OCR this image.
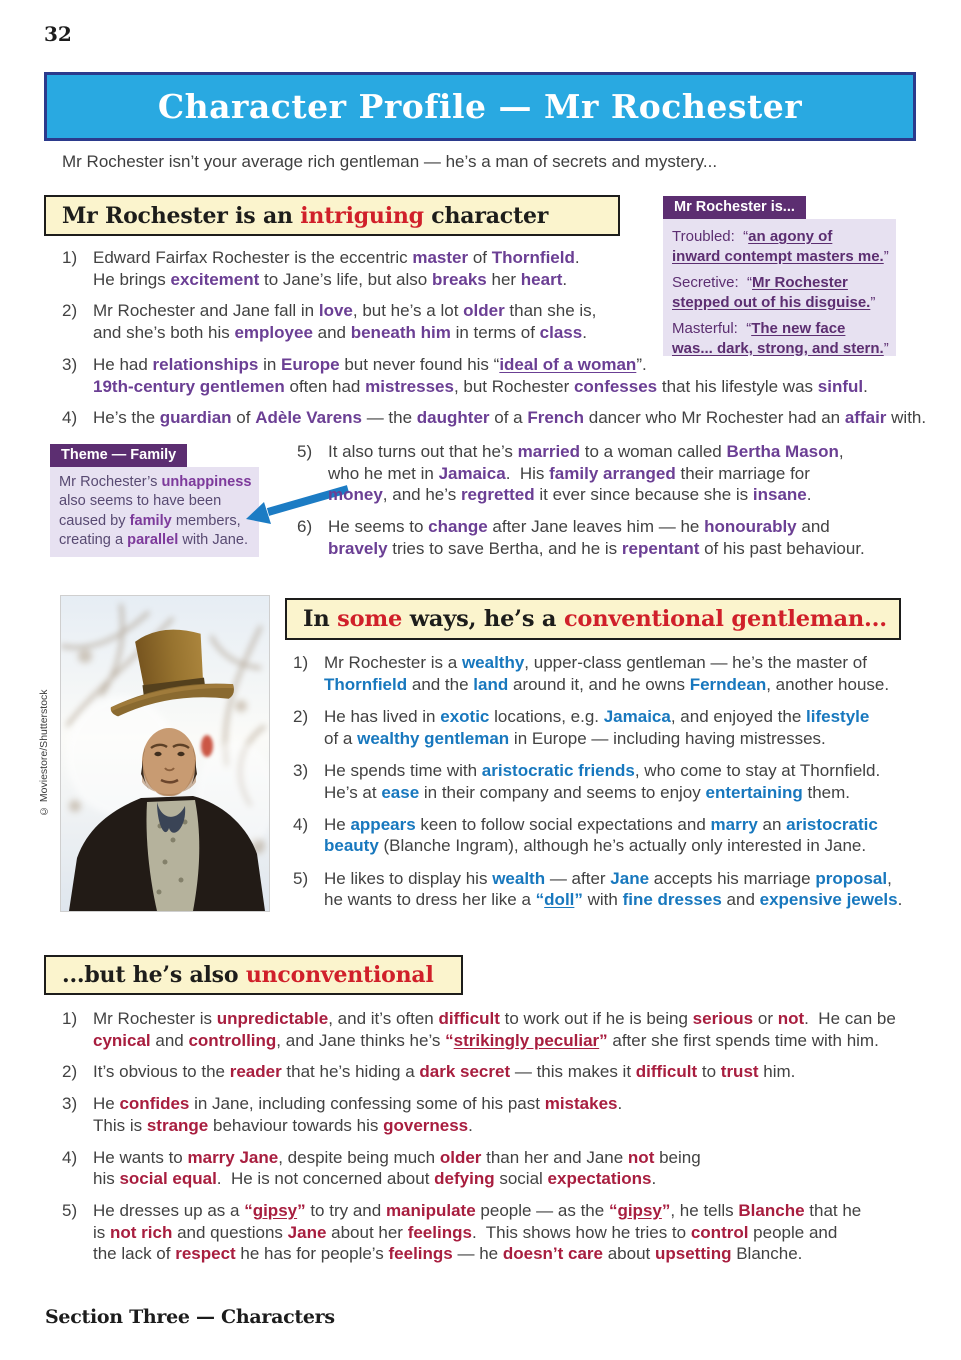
32
Character Profile — Mr Rochester
Mr Rochester isn’t your average rich gentleman — he’s a man of secrets and mystery...
Mr Rochester is an intriguing character	Mr Rochester is...
Troubled:  “an agony of
inward contempt masters me.”
Secretive:  “Mr Rochester
stepped out of his disguise.”
Masterful:  “The new face
was... dark, strong, and stern.”
1) Edward Fairfax Rochester is the eccentric master of Thornfield.
He brings excitement to Jane’s life, but also breaks her heart.
2) Mr Rochester and Jane fall in love, but he’s a lot older than she is,
and she’s both his employee and beneath him in terms of class.
3) He had relationships in Europe but never found his “ideal of a woman”.
19th-century gentlemen often had mistresses, but Rochester confesses that his lifestyle was sinful.
4) He’s the guardian of Adèle Varens — the daughter of a French dancer who Mr Rochester had an affair with.
Theme — Family
Mr Rochester’s unhappiness
also seems to have been
caused by family members,
creating a parallel with Jane.
5) It also turns out that he’s married to a woman called Bertha Mason,
who he met in Jamaica.  His family arranged their marriage for
money, and he’s regretted it ever since because she is insane.
6) He seems to change after Jane leaves him — he honourably and
bravely tries to save Bertha, and he is repentant of his past behaviour.
© Moviestore/Shutterstock
In some ways, he’s a conventional gentleman...
1) Mr Rochester is a wealthy, upper-class gentleman — he’s the master of
Thornfield and the land around it, and he owns Ferndean, another house.
2) He has lived in exotic locations, e.g. Jamaica, and enjoyed the lifestyle
of a wealthy gentleman in Europe — including having mistresses.
3) He spends time with aristocratic friends, who come to stay at Thornfield.
He’s at ease in their company and seems to enjoy entertaining them.
4) He appears keen to follow social expectations and marry an aristocratic
beauty (Blanche Ingram), although he’s actually only interested in Jane.
5) He likes to display his wealth — after Jane accepts his marriage proposal,
he wants to dress her like a “doll” with fine dresses and expensive jewels.
...but he’s also unconventional
1) Mr Rochester is unpredictable, and it’s often difficult to work out if he is being serious or not.  He can be
cynical and controlling, and Jane thinks he’s “strikingly peculiar” after she first spends time with him.
2) It’s obvious to the reader that he’s hiding a dark secret — this makes it difficult to trust him.
3) He confides in Jane, including confessing some of his past mistakes.
This is strange behaviour towards his governess.
4) He wants to marry Jane, despite being much older than her and Jane not being
his social equal.  He is not concerned about defying social expectations.
5) He dresses up as a “gipsy” to try and manipulate people — as the “gipsy”, he tells Blanche that he
is not rich and questions Jane about her feelings.  This shows how he tries to control people and
the lack of respect he has for people’s feelings — he doesn’t care about upsetting Blanche.
Section Three — Characters
